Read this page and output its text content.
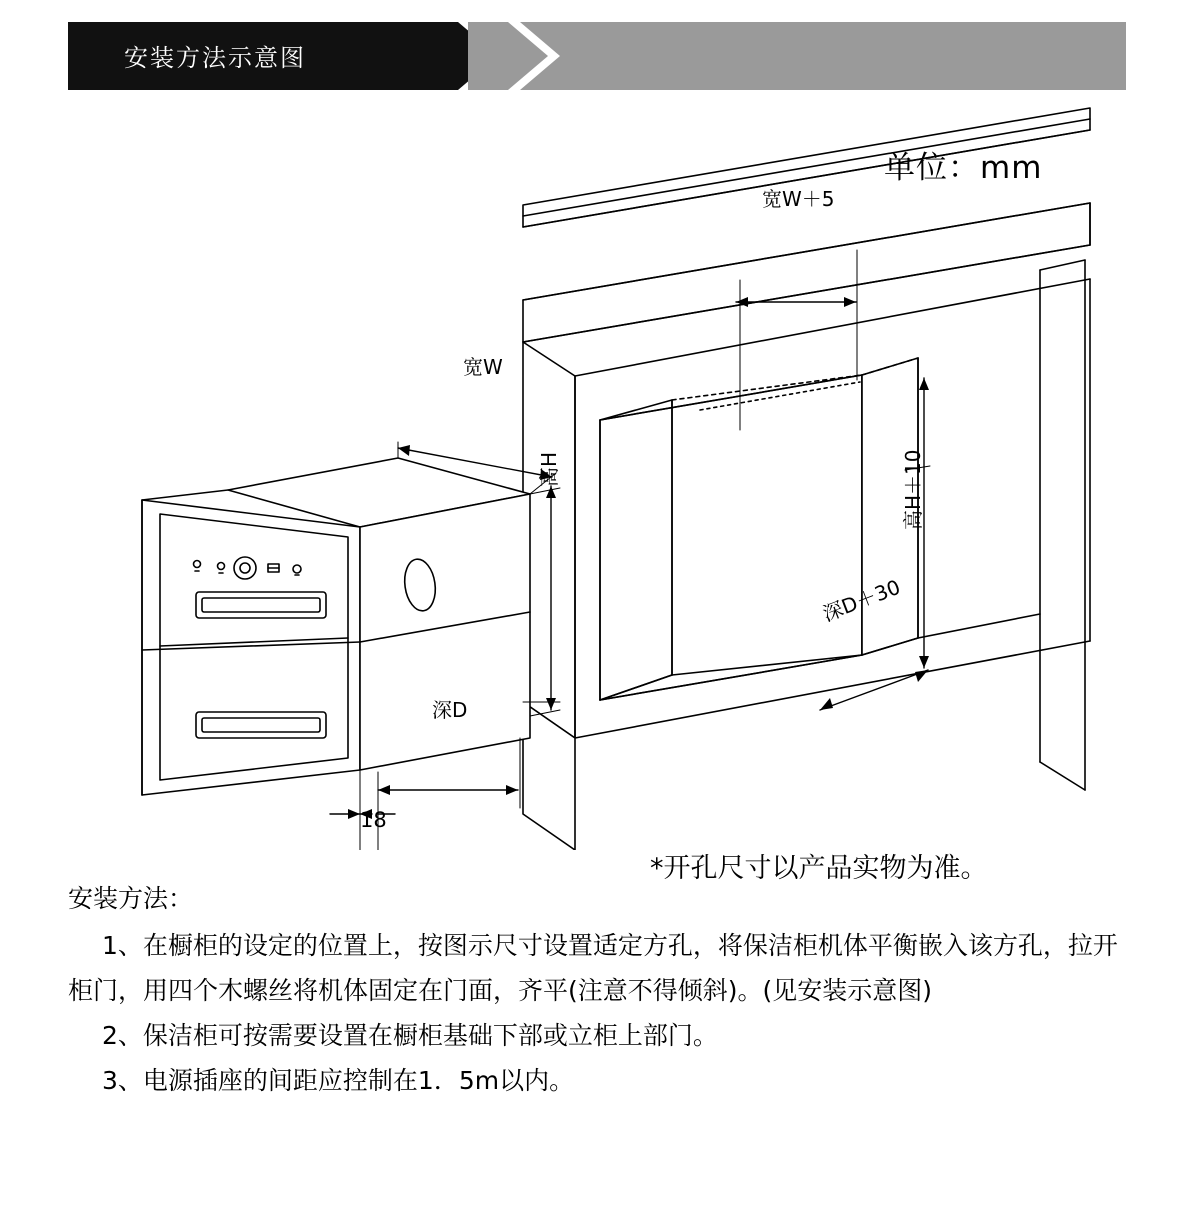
安装方法示意图
单位：mm
宽W＋5
宽W
高H	高H＋10
深D
深D＋30
18
*开孔尺寸以产品实物为准。

安装方法：

1、在橱柜的设定的位置上，按图示尺寸设置适定方孔，将保洁柜机体平衡嵌入该方孔，拉开柜门，用四个木螺丝将机体固定在门面，齐平(注意不得倾斜)。(见安装示意图)

2、保洁柜可按需要设置在橱柜基础下部或立柜上部门。

3、电源插座的间距应控制在1．5m以内。
